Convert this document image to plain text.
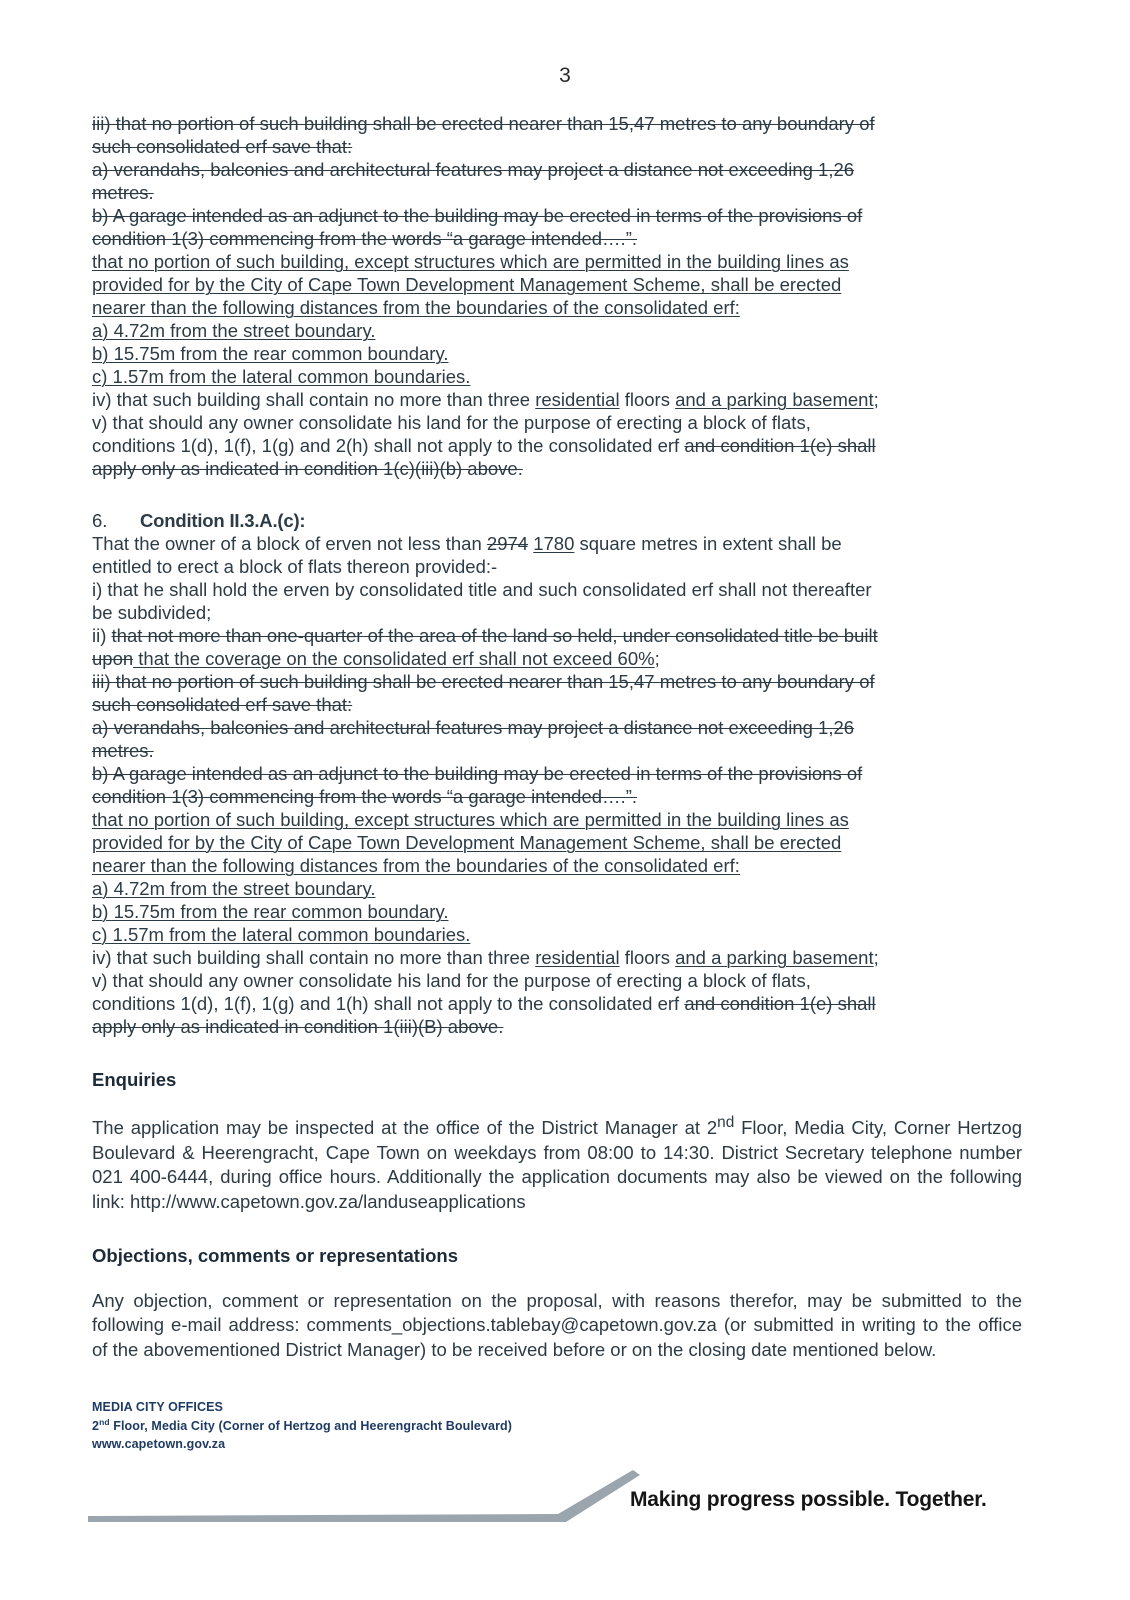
3

iii) that no portion of such building shall be erected nearer than 15,47 metres to any boundary of

such consolidated erf save that:

a) verandahs, balconies and architectural features may project a distance not exceeding 1,26

metres.

b) A garage intended as an adjunct to the building may be erected in terms of the provisions of

condition 1(3) commencing from the words “a garage intended….”.

that no portion of such building, except structures which are permitted in the building lines as

provided for by the City of Cape Town Development Management Scheme, shall be erected

nearer than the following distances from the boundaries of the consolidated erf:

a) 4.72m from the street boundary.

b) 15.75m from the rear common boundary.

c) 1.57m from the lateral common boundaries.

iv) that such building shall contain no more than three residential floors and a parking basement;

v) that should any owner consolidate his land for the purpose of erecting a block of flats,

conditions 1(d), 1(f), 1(g) and 2(h) shall not apply to the consolidated erf and condition 1(e) shall

apply only as indicated in condition 1(c)(iii)(b) above.

6.	Condition II.3.A.(c):

That the owner of a block of erven not less than 2974 1780 square metres in extent shall be

entitled to erect a block of flats thereon provided:-

i) that he shall hold the erven by consolidated title and such consolidated erf shall not thereafter

be subdivided;

ii) that not more than one-quarter of the area of the land so held, under consolidated title be built

upon that the coverage on the consolidated erf shall not exceed 60%;

iii) that no portion of such building shall be erected nearer than 15,47 metres to any boundary of

such consolidated erf save that:

a) verandahs, balconies and architectural features may project a distance not exceeding 1,26

metres.

b) A garage intended as an adjunct to the building may be erected in terms of the provisions of

condition 1(3) commencing from the words “a garage intended….”.

that no portion of such building, except structures which are permitted in the building lines as

provided for by the City of Cape Town Development Management Scheme, shall be erected

nearer than the following distances from the boundaries of the consolidated erf:

a) 4.72m from the street boundary.

b) 15.75m from the rear common boundary.

c) 1.57m from the lateral common boundaries.

iv) that such building shall contain no more than three residential floors and a parking basement;

v) that should any owner consolidate his land for the purpose of erecting a block of flats,

conditions 1(d), 1(f), 1(g) and 1(h) shall not apply to the consolidated erf and condition 1(e) shall

apply only as indicated in condition 1(iii)(B) above.

Enquiries

The application may be inspected at the office of the District Manager at 2nd Floor, Media City, Corner Hertzog Boulevard & Heerengracht, Cape Town on weekdays from 08:00 to 14:30. District Secretary telephone number 021 400-6444, during office hours. Additionally the application documents may also be viewed on the following link: http://www.capetown.gov.za/landuseapplications

Objections, comments or representations

Any objection, comment or representation on the proposal, with reasons therefor, may be submitted to the following e-mail address: comments_objections.tablebay@capetown.gov.za (or submitted in writing to the office of the abovementioned District Manager) to be received before or on the closing date mentioned below.

MEDIA CITY OFFICES

2nd Floor, Media City (Corner of Hertzog and Heerengracht Boulevard)

www.capetown.gov.za

Making progress possible. Together.
